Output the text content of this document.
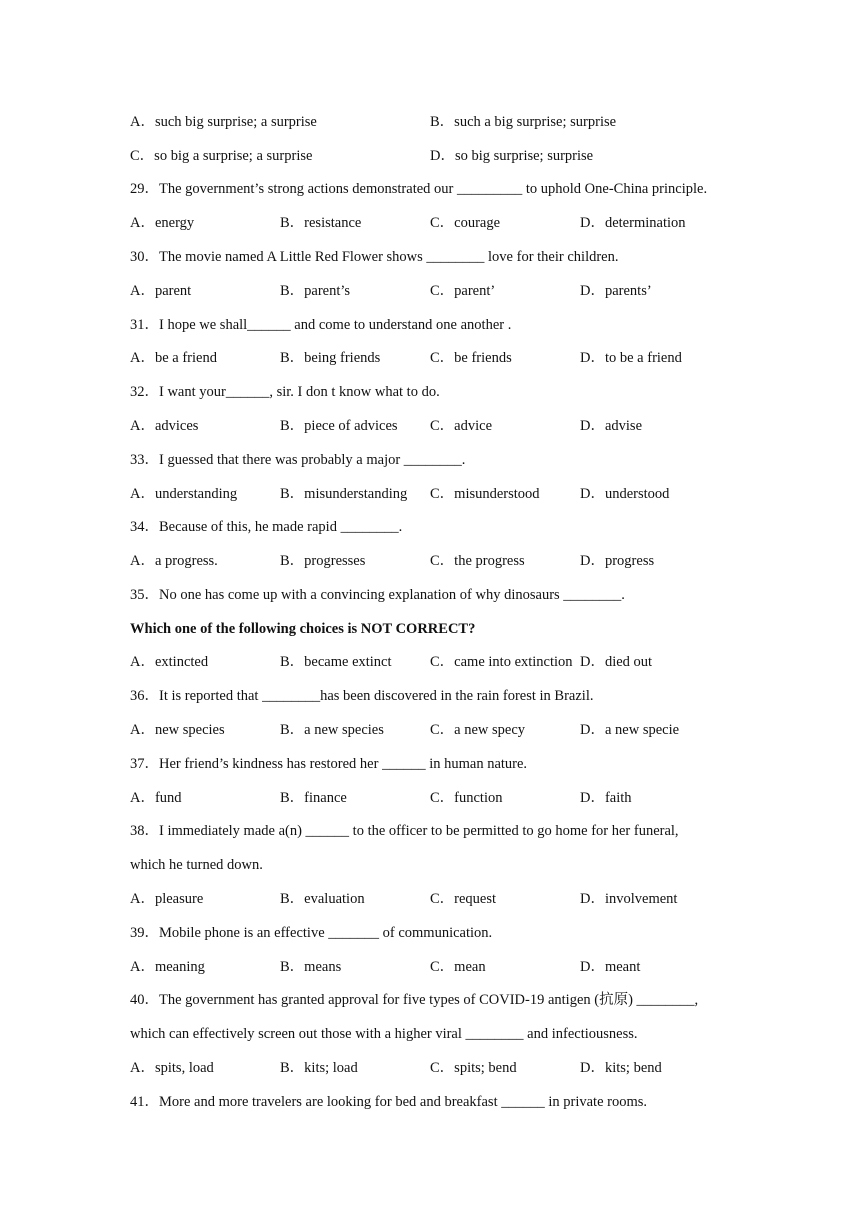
A．such big surprise; a surprise	B．such a big surprise; surprise
C．so big a surprise; a surprise	D．so big surprise; surprise
29．The government’s strong actions demonstrated our _________ to uphold One-China principle.
A．energy	B．resistance	C．courage	D．determination
30．The movie named A Little Red Flower shows ________ love for their children.
A．parent	B．parent’s	C．parent’	D．parents’
31．I hope we shall______ and come to understand one another .
A．be a friend	B．being friends	C．be friends	D．to be a friend
32．I want your______, sir. I don t know what to do.
A．advices	B．piece of advices C．advice	D．advise
33．I guessed that there was probably a major ________.
A．understanding	B．misunderstanding C．misunderstood	D．understood
34．Because of this, he made rapid ________.
A．a progress.	B．progresses	C．the progress	D．progress
35．No one has come up with a convincing explanation of why dinosaurs ________.
Which one of the following choices is NOT CORRECT?
A．extincted	B．became extinct	C．came into extinction D．died out
36．It is reported that ________has been discovered in the rain forest in Brazil.
A．new species	B．a new species	C．a new specy	D．a new specie
37．Her friend’s kindness has restored her ______ in human nature.
A．fund	B．finance	C．function	D．faith
38．I immediately made a(n) ______ to the officer to be permitted to go home for her funeral,
which he turned down.
A．pleasure	B．evaluation	C．request	D．involvement
39．Mobile phone is an effective _______ of communication.
A．meaning	B．means	C．mean	D．meant
40．The government has granted approval for five types of COVID-19 antigen (抗原) ________,
which can effectively screen out those with a higher viral ________ and infectiousness.
A．spits, load	B．kits; load	C．spits; bend	D．kits; bend
41．More and more travelers are looking for bed and breakfast ______ in private rooms.
